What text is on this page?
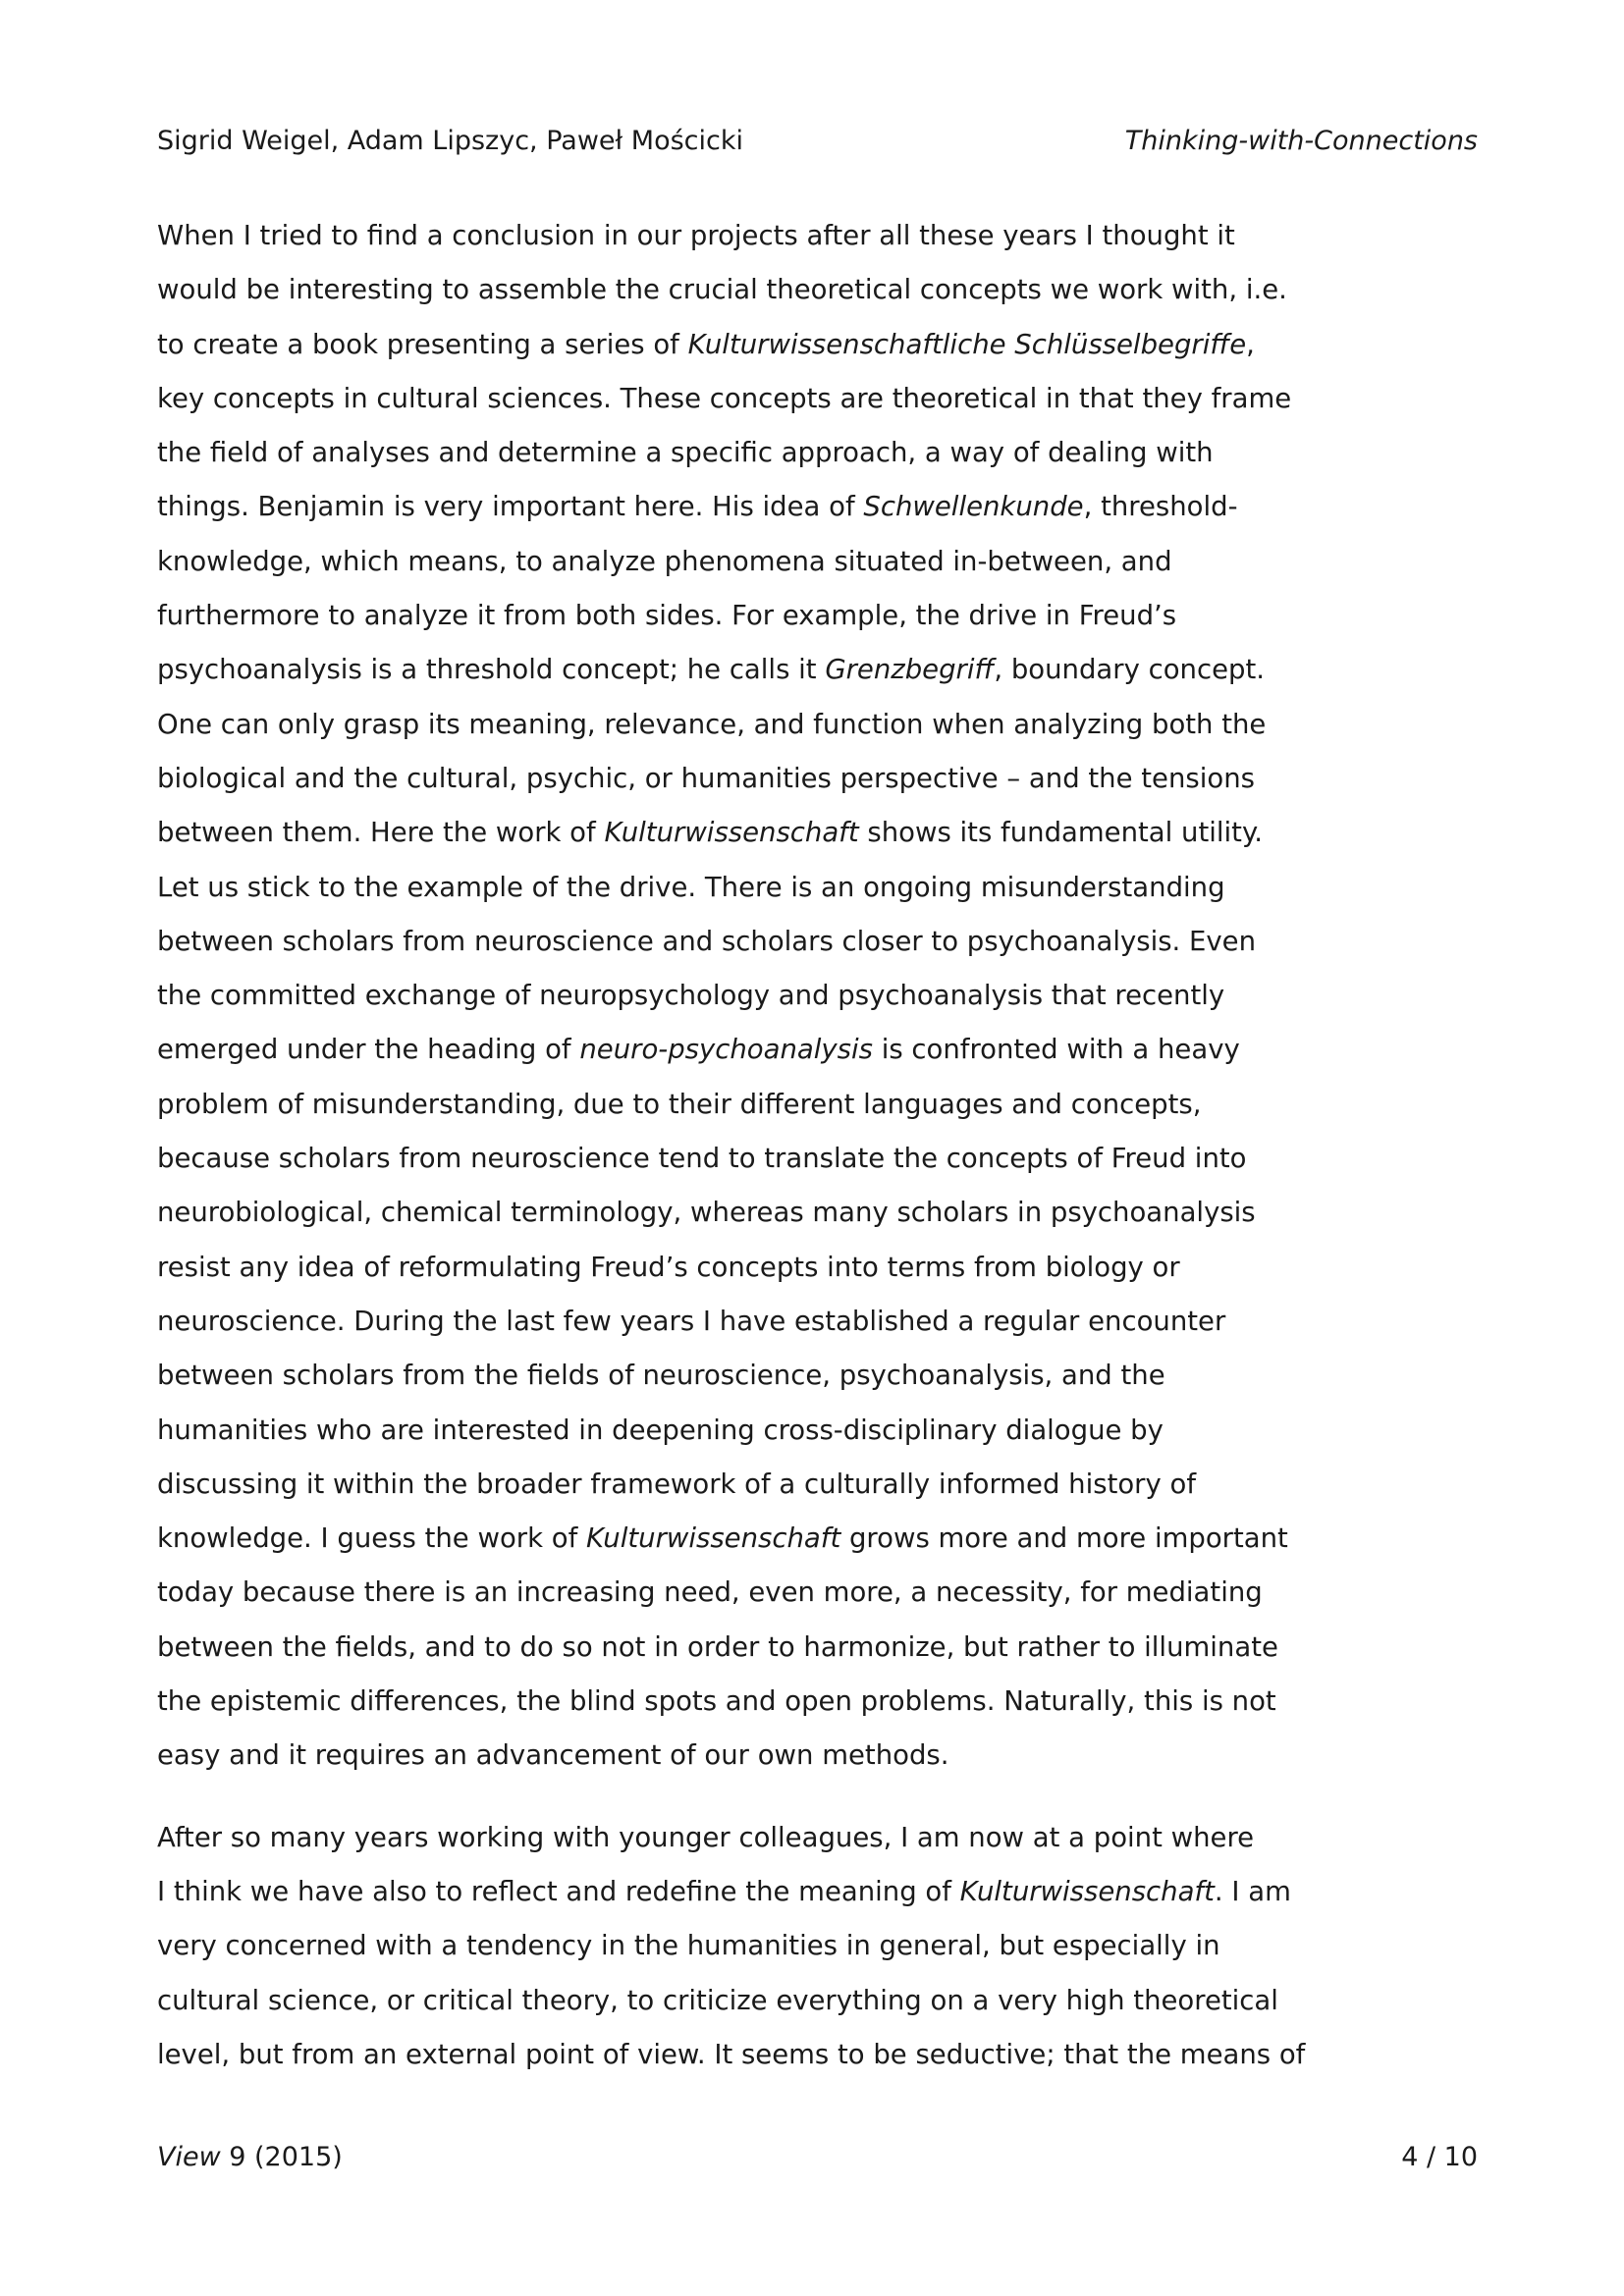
Sigrid Weigel, Adam Lipszyc, Paweł Mościcki	Thinking-with-Connections
When I tried to find a conclusion in our projects after all these years I thought it
would be interesting to assemble the crucial theoretical concepts we work with, i.e.
to create a book presenting a series of Kulturwissenschaftliche Schlüsselbegriffe,
key concepts in cultural sciences. These concepts are theoretical in that they frame
the field of analyses and determine a specific approach, a way of dealing with
things. Benjamin is very important here. His idea of Schwellenkunde, threshold-
knowledge, which means, to analyze phenomena situated in-between, and
furthermore to analyze it from both sides. For example, the drive in Freud’s
psychoanalysis is a threshold concept; he calls it Grenzbegriff, boundary concept.
One can only grasp its meaning, relevance, and function when analyzing both the
biological and the cultural, psychic, or humanities perspective – and the tensions
between them. Here the work of Kulturwissenschaft shows its fundamental utility.
Let us stick to the example of the drive. There is an ongoing misunderstanding
between scholars from neuroscience and scholars closer to psychoanalysis. Even
the committed exchange of neuropsychology and psychoanalysis that recently
emerged under the heading of neuro-psychoanalysis is confronted with a heavy
problem of misunderstanding, due to their different languages and concepts,
because scholars from neuroscience tend to translate the concepts of Freud into
neurobiological, chemical terminology, whereas many scholars in psychoanalysis
resist any idea of reformulating Freud’s concepts into terms from biology or
neuroscience. During the last few years I have established a regular encounter
between scholars from the fields of neuroscience, psychoanalysis, and the
humanities who are interested in deepening cross-disciplinary dialogue by
discussing it within the broader framework of a culturally informed history of
knowledge. I guess the work of Kulturwissenschaft grows more and more important
today because there is an increasing need, even more, a necessity, for mediating
between the fields, and to do so not in order to harmonize, but rather to illuminate
the epistemic differences, the blind spots and open problems. Naturally, this is not
easy and it requires an advancement of our own methods.
After so many years working with younger colleagues, I am now at a point where
I think we have also to reflect and redefine the meaning of Kulturwissenschaft. I am
very concerned with a tendency in the humanities in general, but especially in
cultural science, or critical theory, to criticize everything on a very high theoretical
level, but from an external point of view. It seems to be seductive; that the means of
View 9 (2015)	4 / 10
